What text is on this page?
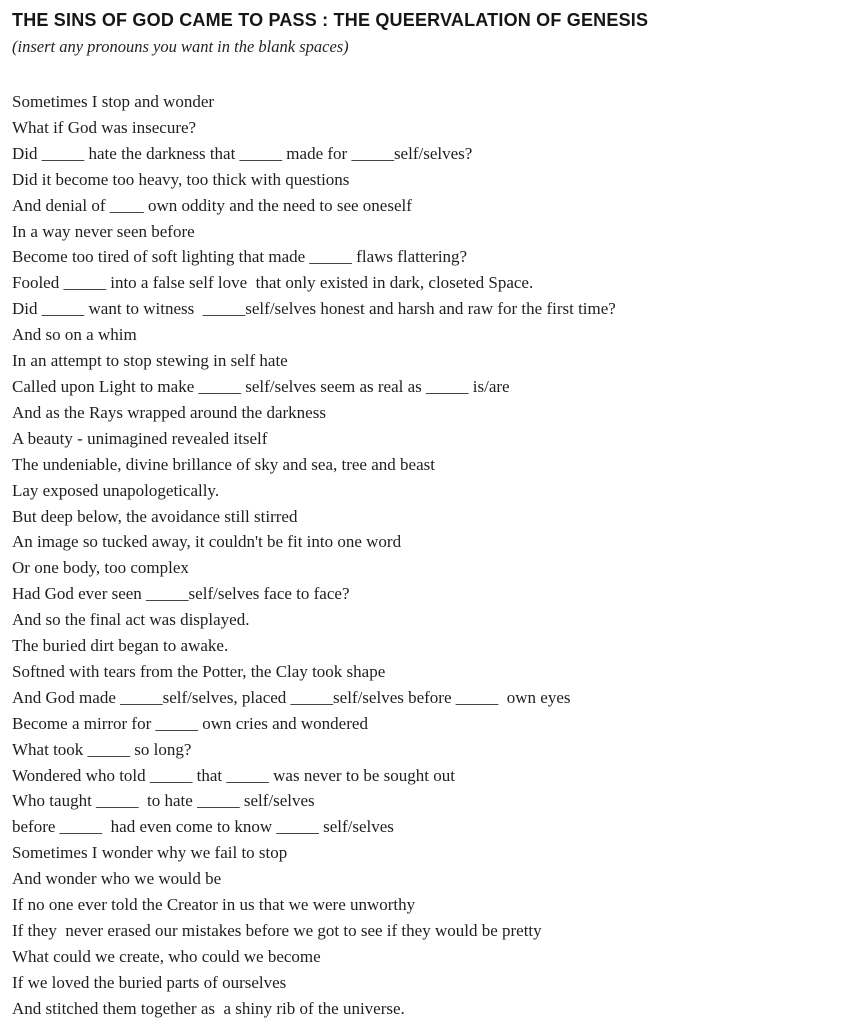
THE SINS OF GOD CAME TO PASS : THE QUEERVALATION OF GENESIS

(insert any pronouns you want in the blank spaces)

Sometimes I stop and wonder

What if God was insecure?

Did _____ hate the darkness that _____ made for _____self/selves?

Did it become too heavy, too thick with questions

And denial of ____ own oddity and the need to see oneself

In a way never seen before

Become too tired of soft lighting that made _____ flaws flattering?

Fooled _____ into a false self love  that only existed in dark, closeted Space.

Did _____ want to witness  _____self/selves honest and harsh and raw for the first time?

And so on a whim

In an attempt to stop stewing in self hate

Called upon Light to make _____ self/selves seem as real as _____ is/are

And as the Rays wrapped around the darkness

A beauty - unimagined revealed itself

The undeniable, divine brillance of sky and sea, tree and beast

Lay exposed unapologetically.

But deep below, the avoidance still stirred

An image so tucked away, it couldn't be fit into one word

Or one body, too complex

Had God ever seen _____self/selves face to face?

And so the final act was displayed.

The buried dirt began to awake.

Softned with tears from the Potter, the Clay took shape

And God made _____self/selves, placed _____self/selves before _____  own eyes

Become a mirror for _____ own cries and wondered

What took _____ so long?

Wondered who told _____ that _____ was never to be sought out

Who taught _____  to hate _____ self/selves

before _____  had even come to know _____ self/selves

Sometimes I wonder why we fail to stop

And wonder who we would be

If no one ever told the Creator in us that we were unworthy

If they  never erased our mistakes before we got to see if they would be pretty

What could we create, who could we become

If we loved the buried parts of ourselves

And stitched them together as  a shiny rib of the universe.
